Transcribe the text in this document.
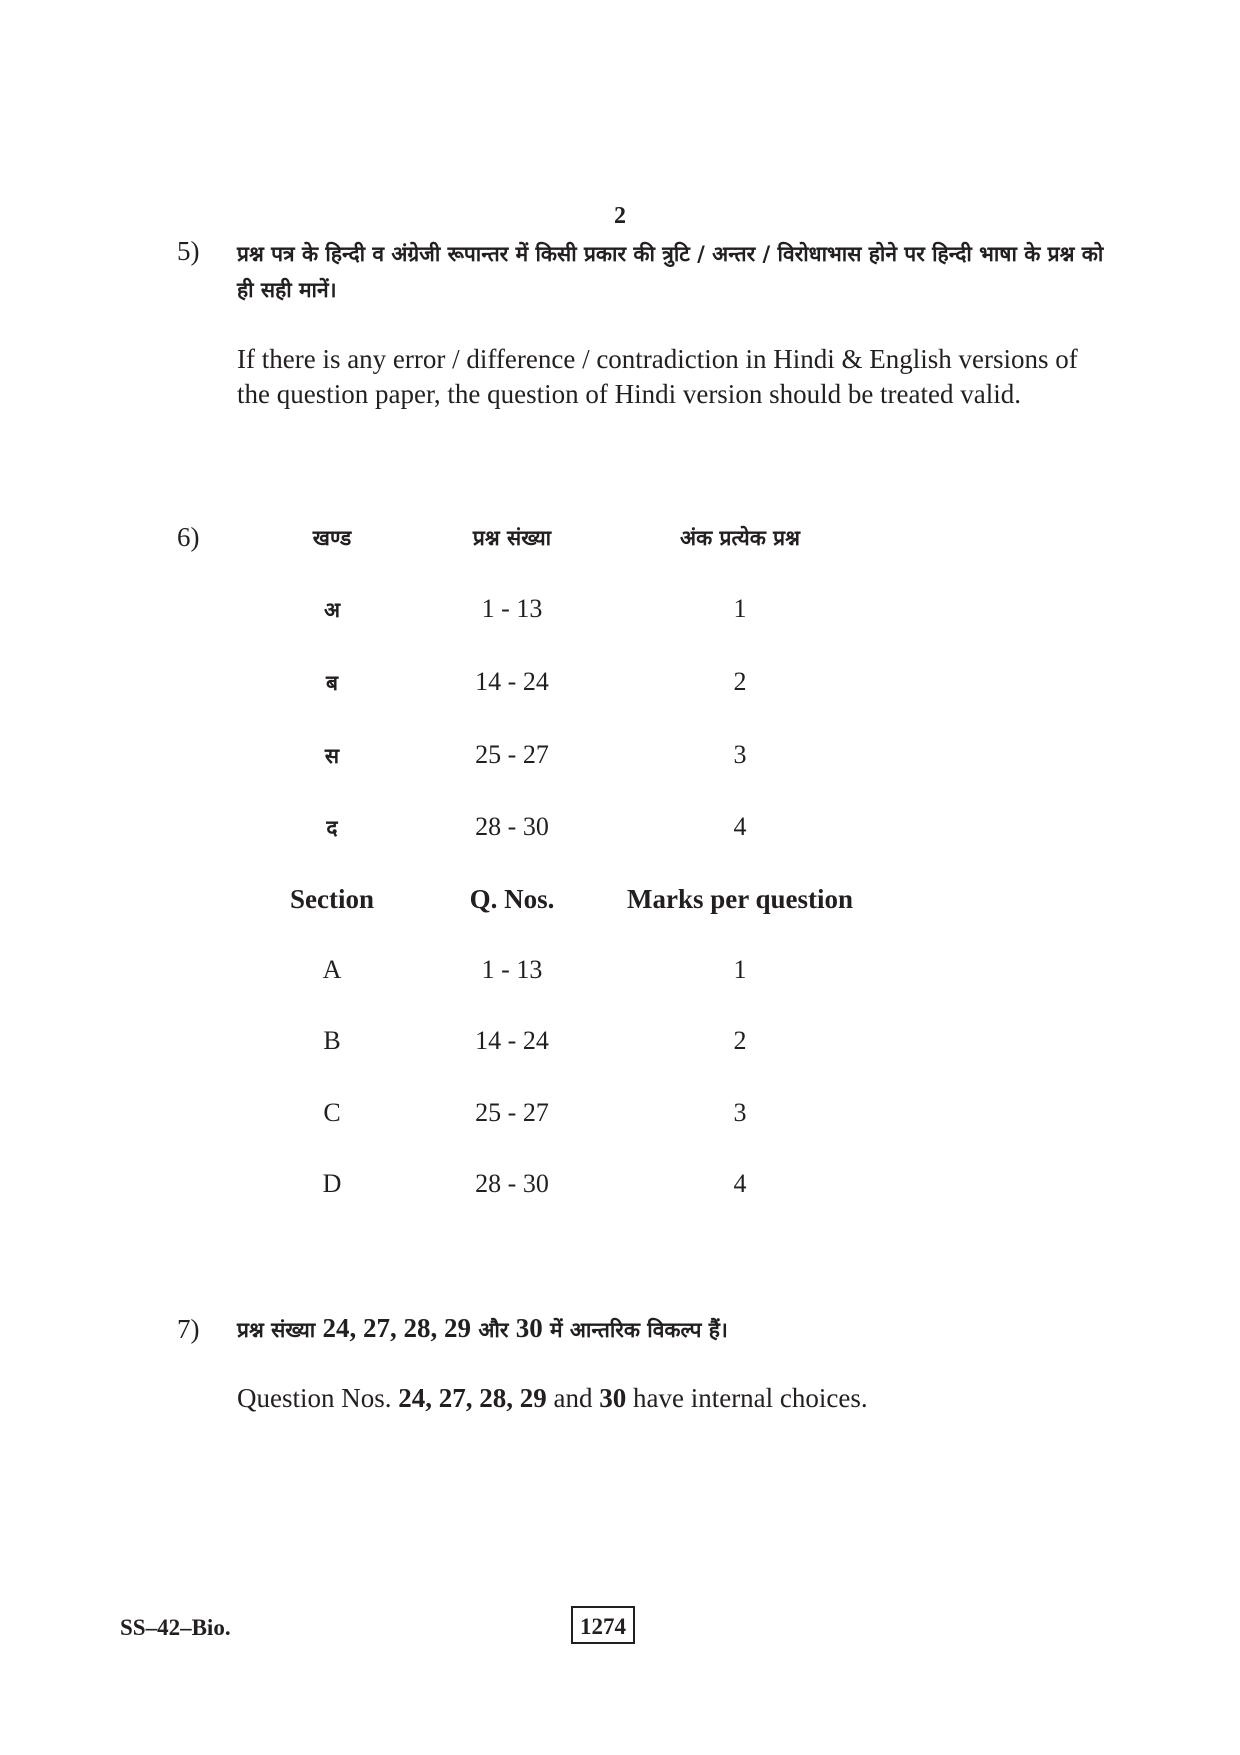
2
5) प्रश्न पत्र के हिन्दी व अंग्रेजी रूपान्तर में किसी प्रकार की त्रुटि / अन्तर / विरोधाभास होने पर हिन्दी भाषा के प्रश्न को ही सही मानें।
If there is any error / difference / contradiction in Hindi & English versions of the question paper, the question of Hindi version should be treated valid.
6)	खण्ड	प्रश्न संख्या	अंक प्रत्येक प्रश्न
अ	1 - 13	1
ब	14 - 24	2
स	25 - 27	3
द	28 - 30	4
Section	Q. Nos.	Marks per question
A	1 - 13	1
B	14 - 24	2
C	25 - 27	3
D	28 - 30	4
7) प्रश्न संख्या 24, 27, 28, 29 और 30 में आन्तरिक विकल्प हैं।
Question Nos. 24, 27, 28, 29 and 30 have internal choices.
SS–42–Bio.	1274
